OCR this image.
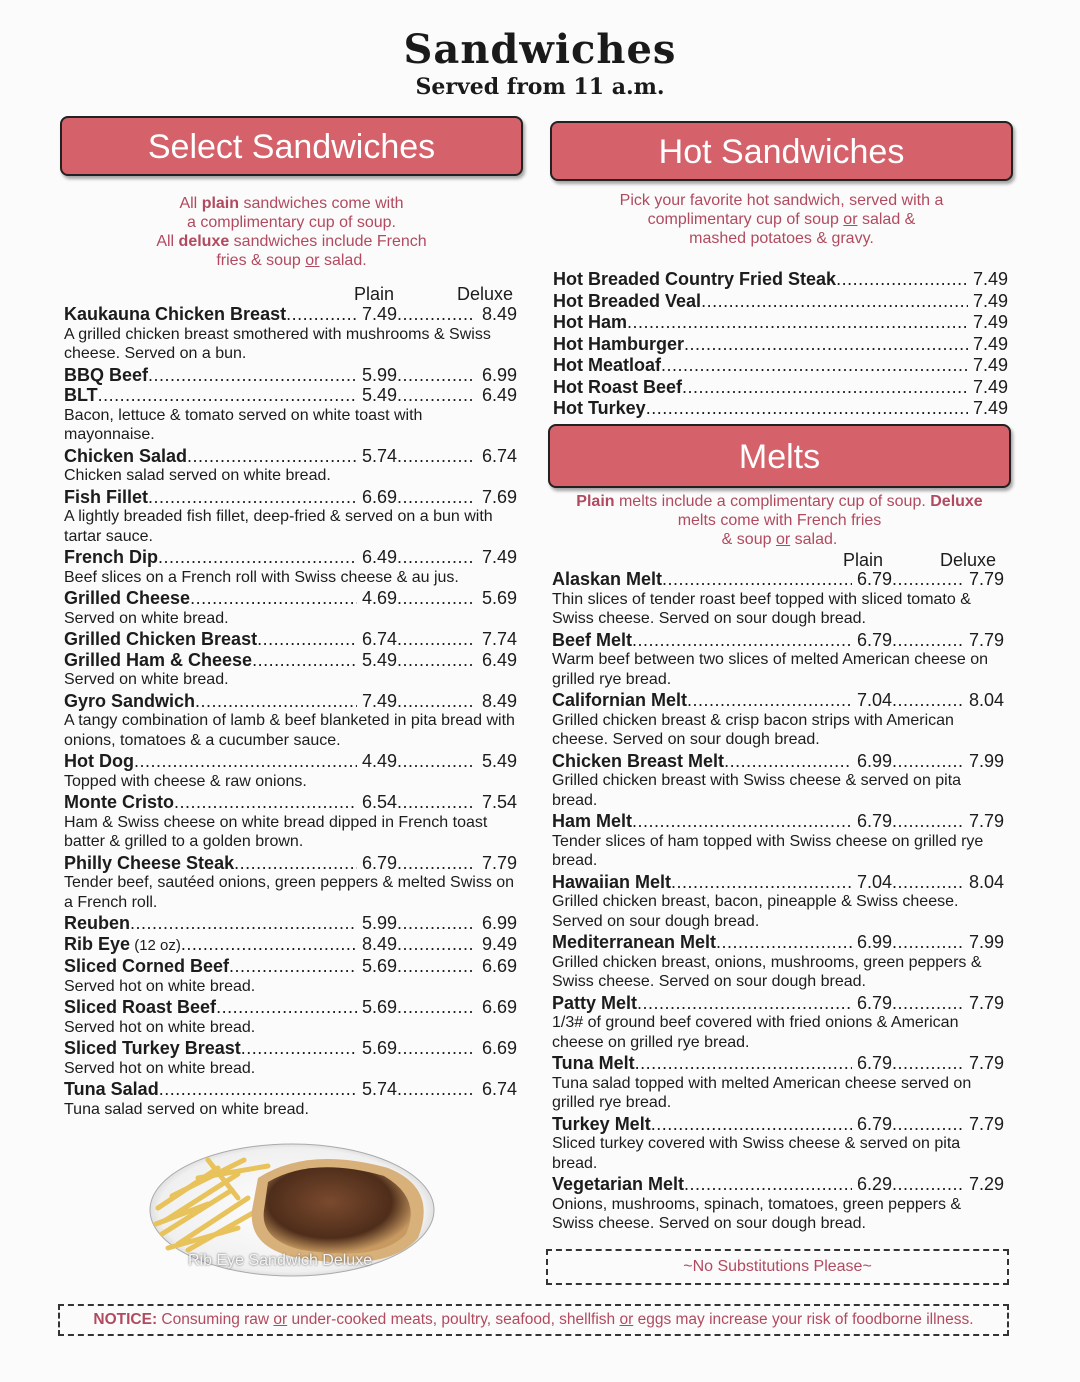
Sandwiches
Served from 11 a.m.
Select Sandwiches
All plain sandwiches come with
a complimentary cup of soup.
All deluxe sandwiches include French
fries & soup or salad.
Plain	Deluxe
Kaukauna Chicken Breast .....	7.49 .....	8.49
A grilled chicken breast smothered with mushrooms & Swiss cheese. Served on a bun.
BBQ Beef .....	5.99 .....	6.99
BLT .....	5.49 .....	6.49
Bacon, lettuce & tomato served on white toast with mayonnaise.
Chicken Salad .....	5.74 .....	6.74
Chicken salad served on white bread.
Fish Fillet .....	6.69 .....	7.69
A lightly breaded fish fillet, deep-fried & served on a bun with tartar sauce.
French Dip .....	6.49 .....	7.49
Beef slices on a French roll with Swiss cheese & au jus.
Grilled Cheese .....	4.69 .....	5.69
Served on white bread.
Grilled Chicken Breast .....	6.74 .....	7.74
Grilled Ham & Cheese .....	5.49 .....	6.49
Served on white bread.
Gyro Sandwich .....	7.49 .....	8.49
A tangy combination of lamb & beef blanketed in pita bread with onions, tomatoes & a cucumber sauce.
Hot Dog .....	4.49 .....	5.49
Topped with cheese & raw onions.
Monte Cristo .....	6.54 .....	7.54
Ham & Swiss cheese on white bread dipped in French toast batter & grilled to a golden brown.
Philly Cheese Steak .....	6.79 .....	7.79
Tender beef, sautéed onions, green peppers & melted Swiss on a French roll.
Reuben .....	5.99 .....	6.99
Rib Eye (12 oz) .....	8.49 .....	9.49
Sliced Corned Beef .....	5.69 .....	6.69
Served hot on white bread.
Sliced Roast Beef .....	5.69 .....	6.69
Served hot on white bread.
Sliced Turkey Breast .....	5.69 .....	6.69
Served hot on white bread.
Tuna Salad .....	5.74 .....	6.74
Tuna salad served on white bread.
Rib Eye Sandwich Deluxe
Hot Sandwiches
Pick your favorite hot sandwich, served with a
complimentary cup of soup or salad &
mashed potatoes & gravy.
Hot Breaded Country Fried Steak .....	7.49
Hot Breaded Veal .....	7.49
Hot Ham .....	7.49
Hot Hamburger .....	7.49
Hot Meatloaf .....	7.49
Hot Roast Beef .....	7.49
Hot Turkey .....	7.49
Melts
Plain melts include a complimentary cup of soup. Deluxe
melts come with French fries
& soup or salad.
Plain	Deluxe
Alaskan Melt .....	6.79 .....	7.79
Thin slices of tender roast beef topped with sliced tomato & Swiss cheese. Served on sour dough bread.
Beef Melt .....	6.79 .....	7.79
Warm beef between two slices of melted American cheese on grilled rye bread.
Californian Melt .....	7.04 .....	8.04
Grilled chicken breast & crisp bacon strips with American cheese. Served on sour dough bread.
Chicken Breast Melt .....	6.99 .....	7.99
Grilled chicken breast with Swiss cheese & served on pita bread.
Ham Melt .....	6.79 .....	7.79
Tender slices of ham topped with Swiss cheese on grilled rye bread.
Hawaiian Melt .....	7.04 .....	8.04
Grilled chicken breast, bacon, pineapple & Swiss cheese. Served on sour dough bread.
Mediterranean Melt .....	6.99 .....	7.99
Grilled chicken breast, onions, mushrooms, green peppers & Swiss cheese. Served on sour dough bread.
Patty Melt .....	6.79 .....	7.79
1/3# of ground beef covered with fried onions & American cheese on grilled rye bread.
Tuna Melt .....	6.79 .....	7.79
Tuna salad topped with melted American cheese served on grilled rye bread.
Turkey Melt .....	6.79 .....	7.79
Sliced turkey covered with Swiss cheese & served on pita bread.
Vegetarian Melt .....	6.29 .....	7.29
Onions, mushrooms, spinach, tomatoes, green peppers & Swiss cheese. Served on sour dough bread.
~No Substitutions Please~
NOTICE: Consuming raw or under-cooked meats, poultry, seafood, shellfish or eggs may increase your risk of foodborne illness.
